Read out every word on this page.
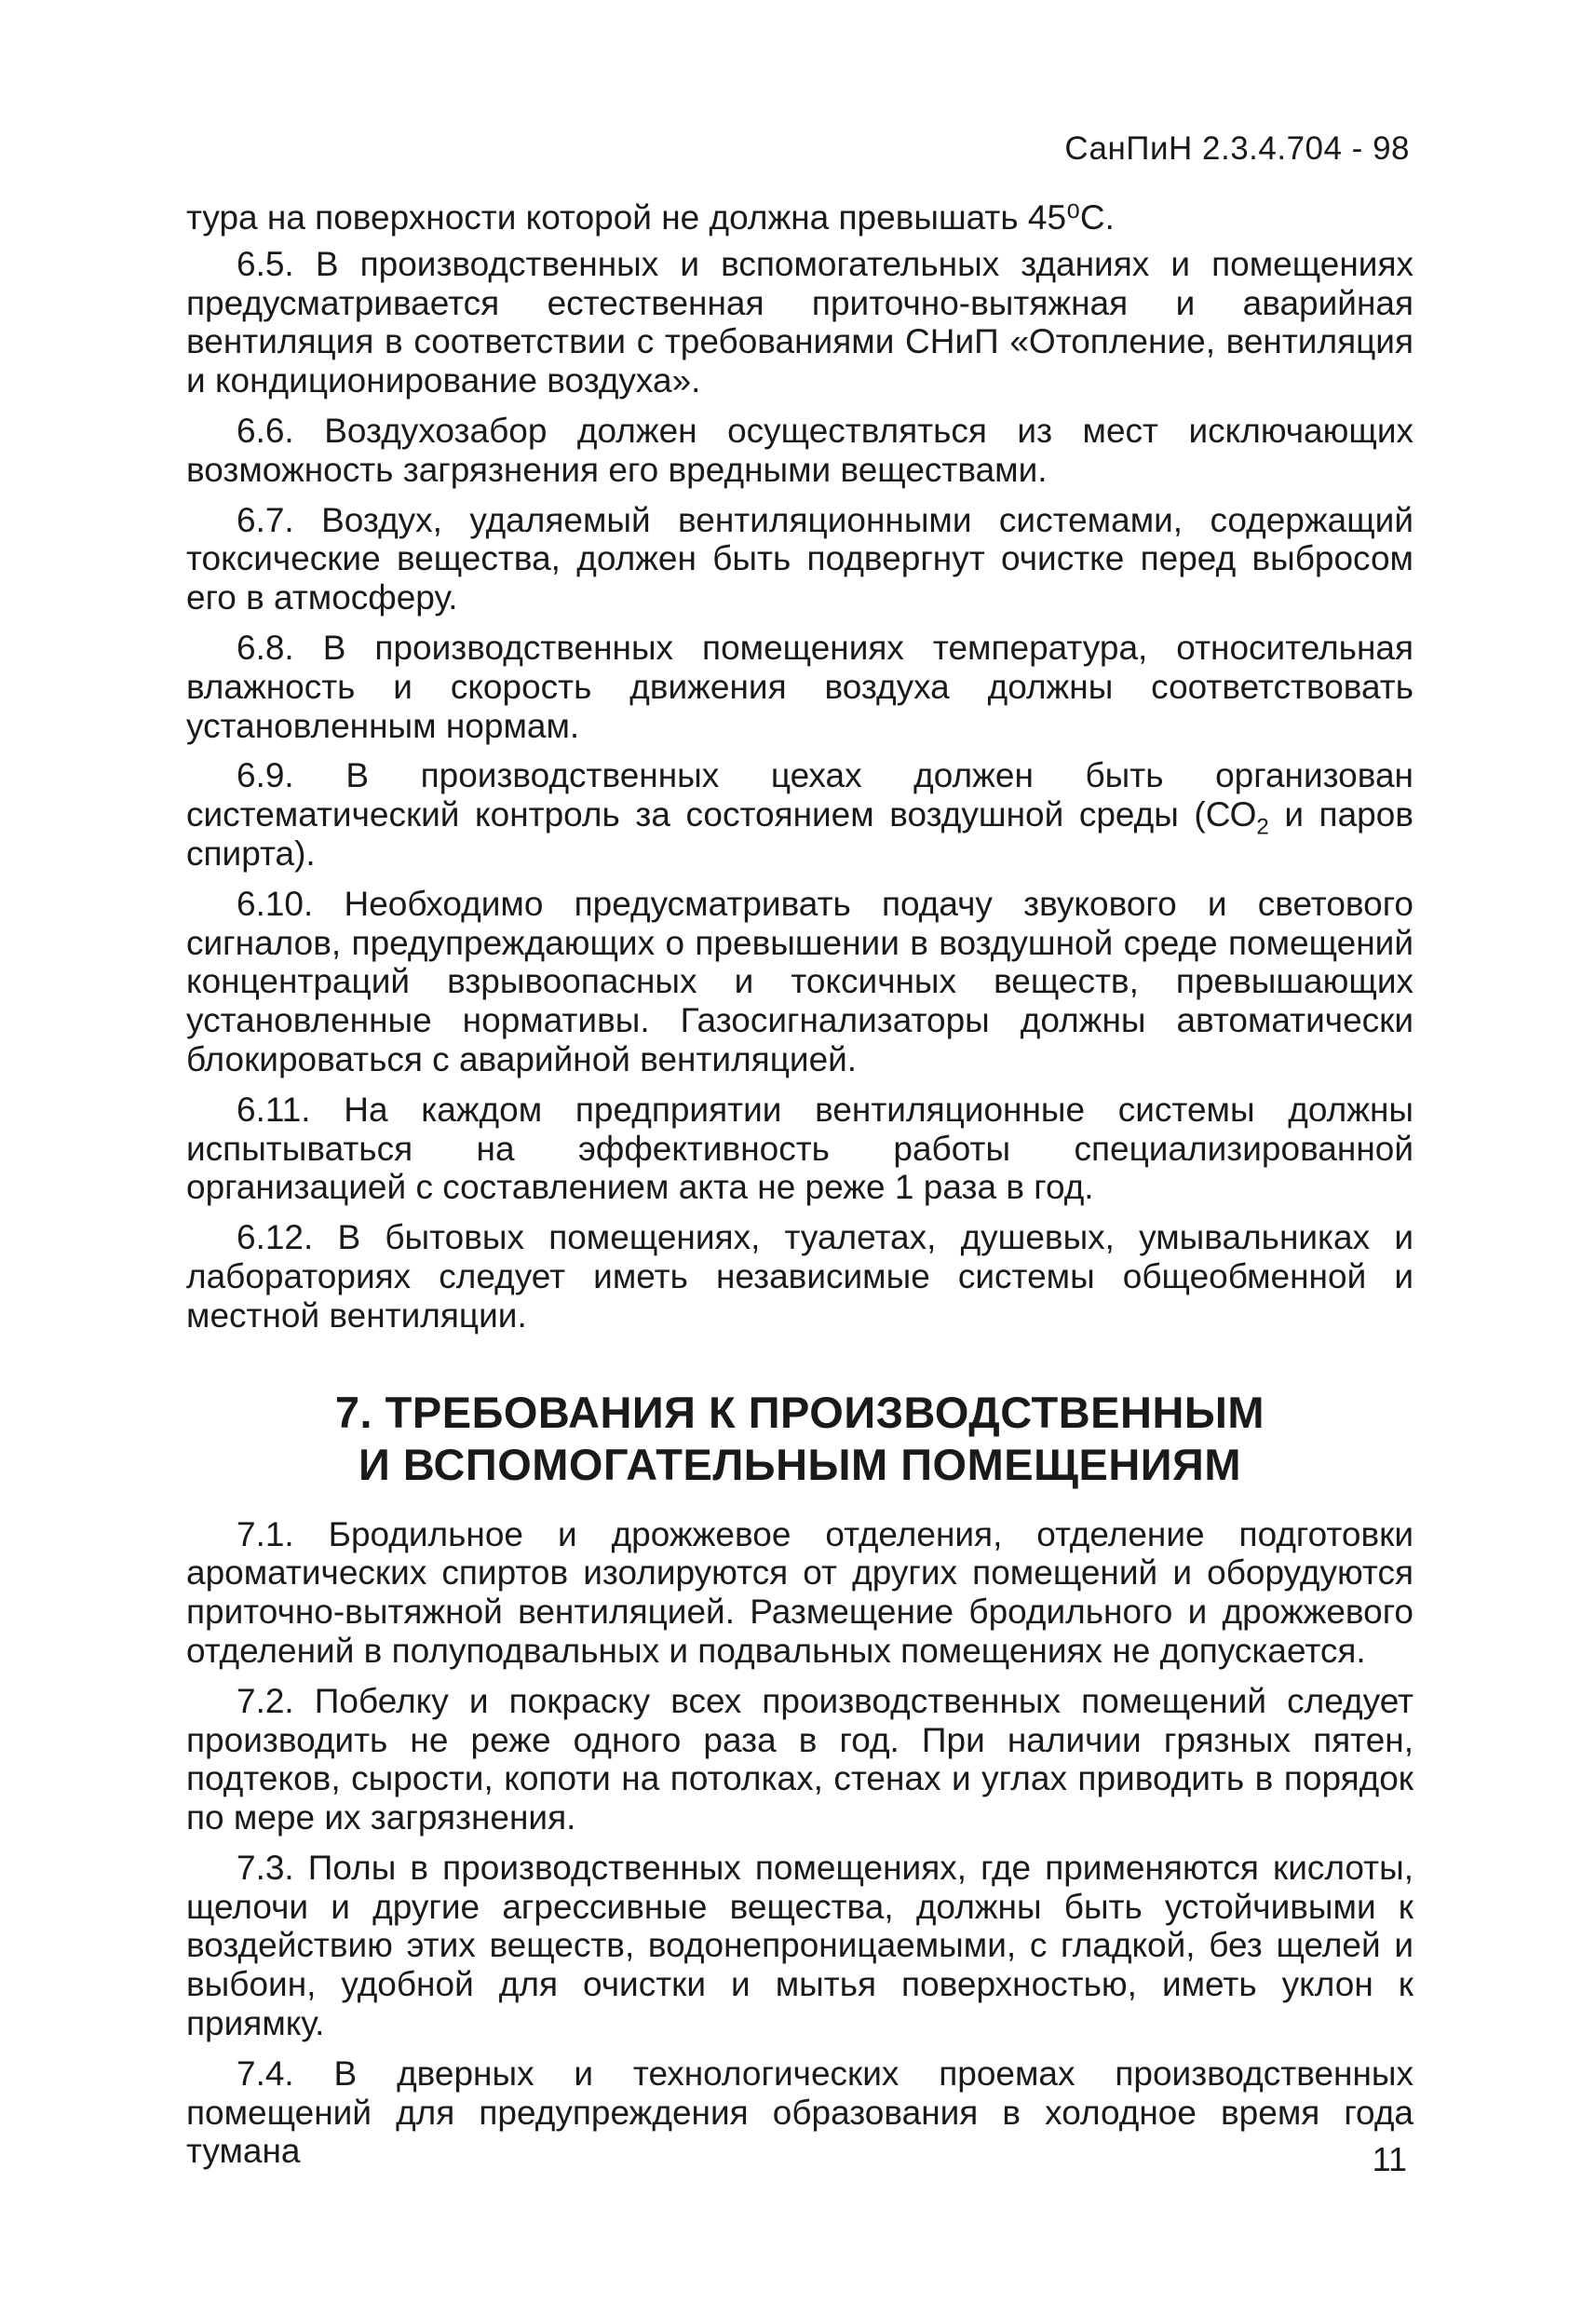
СанПиН 2.3.4.704 - 98

тура на поверхности которой не должна превышать 45⁰С.

6.5. В производственных и вспомогательных зданиях и помещениях предусматривается естественная приточно-вытяжная и аварийная вентиляция в соответствии с требованиями СНиП «Отопление, вентиляция и кондиционирование воздуха».

6.6. Воздухозабор должен осуществляться из мест исключающих возможность загрязнения его вредными веществами.

6.7. Воздух, удаляемый вентиляционными системами, содержащий токсические вещества, должен быть подвергнут очистке перед выбросом его в атмосферу.

6.8. В производственных помещениях температура, относительная влажность и скорость движения воздуха должны соответствовать установленным нормам.

6.9. В производственных цехах должен быть организован систематический контроль за состоянием воздушной среды ($СО_2$ и паров спирта).

6.10. Необходимо предусматривать подачу звукового и светового сигналов, предупреждающих о превышении в воздушной среде помещений концентраций взрывоопасных и токсичных веществ, превышающих установленные нормативы. Газосигнализаторы должны автоматически блокироваться с аварийной вентиляцией.

6.11. На каждом предприятии вентиляционные системы должны испытываться на эффективность работы специализированной организацией с составлением акта не реже 1 раза в год.

6.12. В бытовых помещениях, туалетах, душевых, умывальниках и лабораториях следует иметь независимые системы общеобменной и местной вентиляции.

7. ТРЕБОВАНИЯ К ПРОИЗВОДСТВЕННЫМ
И ВСПОМОГАТЕЛЬНЫМ ПОМЕЩЕНИЯМ

7.1. Бродильное и дрожжевое отделения, отделение подготовки ароматических спиртов изолируются от других помещений и оборудуются приточно-вытяжной вентиляцией. Размещение бродильного и дрожжевого отделений в полуподвальных и подвальных помещениях не допускается.

7.2. Побелку и покраску всех производственных помещений следует производить не реже одного раза в год. При наличии грязных пятен, подтеков, сырости, копоти на потолках, стенах и углах приводить в порядок по мере их загрязнения.

7.3. Полы в производственных помещениях, где применяются кислоты, щелочи и другие агрессивные вещества, должны быть устойчивыми к воздействию этих веществ, водонепроницаемыми, с гладкой, без щелей и выбоин, удобной для очистки и мытья поверхностью, иметь уклон к приямку.

7.4. В дверных и технологических проемах производственных помещений для предупреждения образования в холодное время года тумана	11
